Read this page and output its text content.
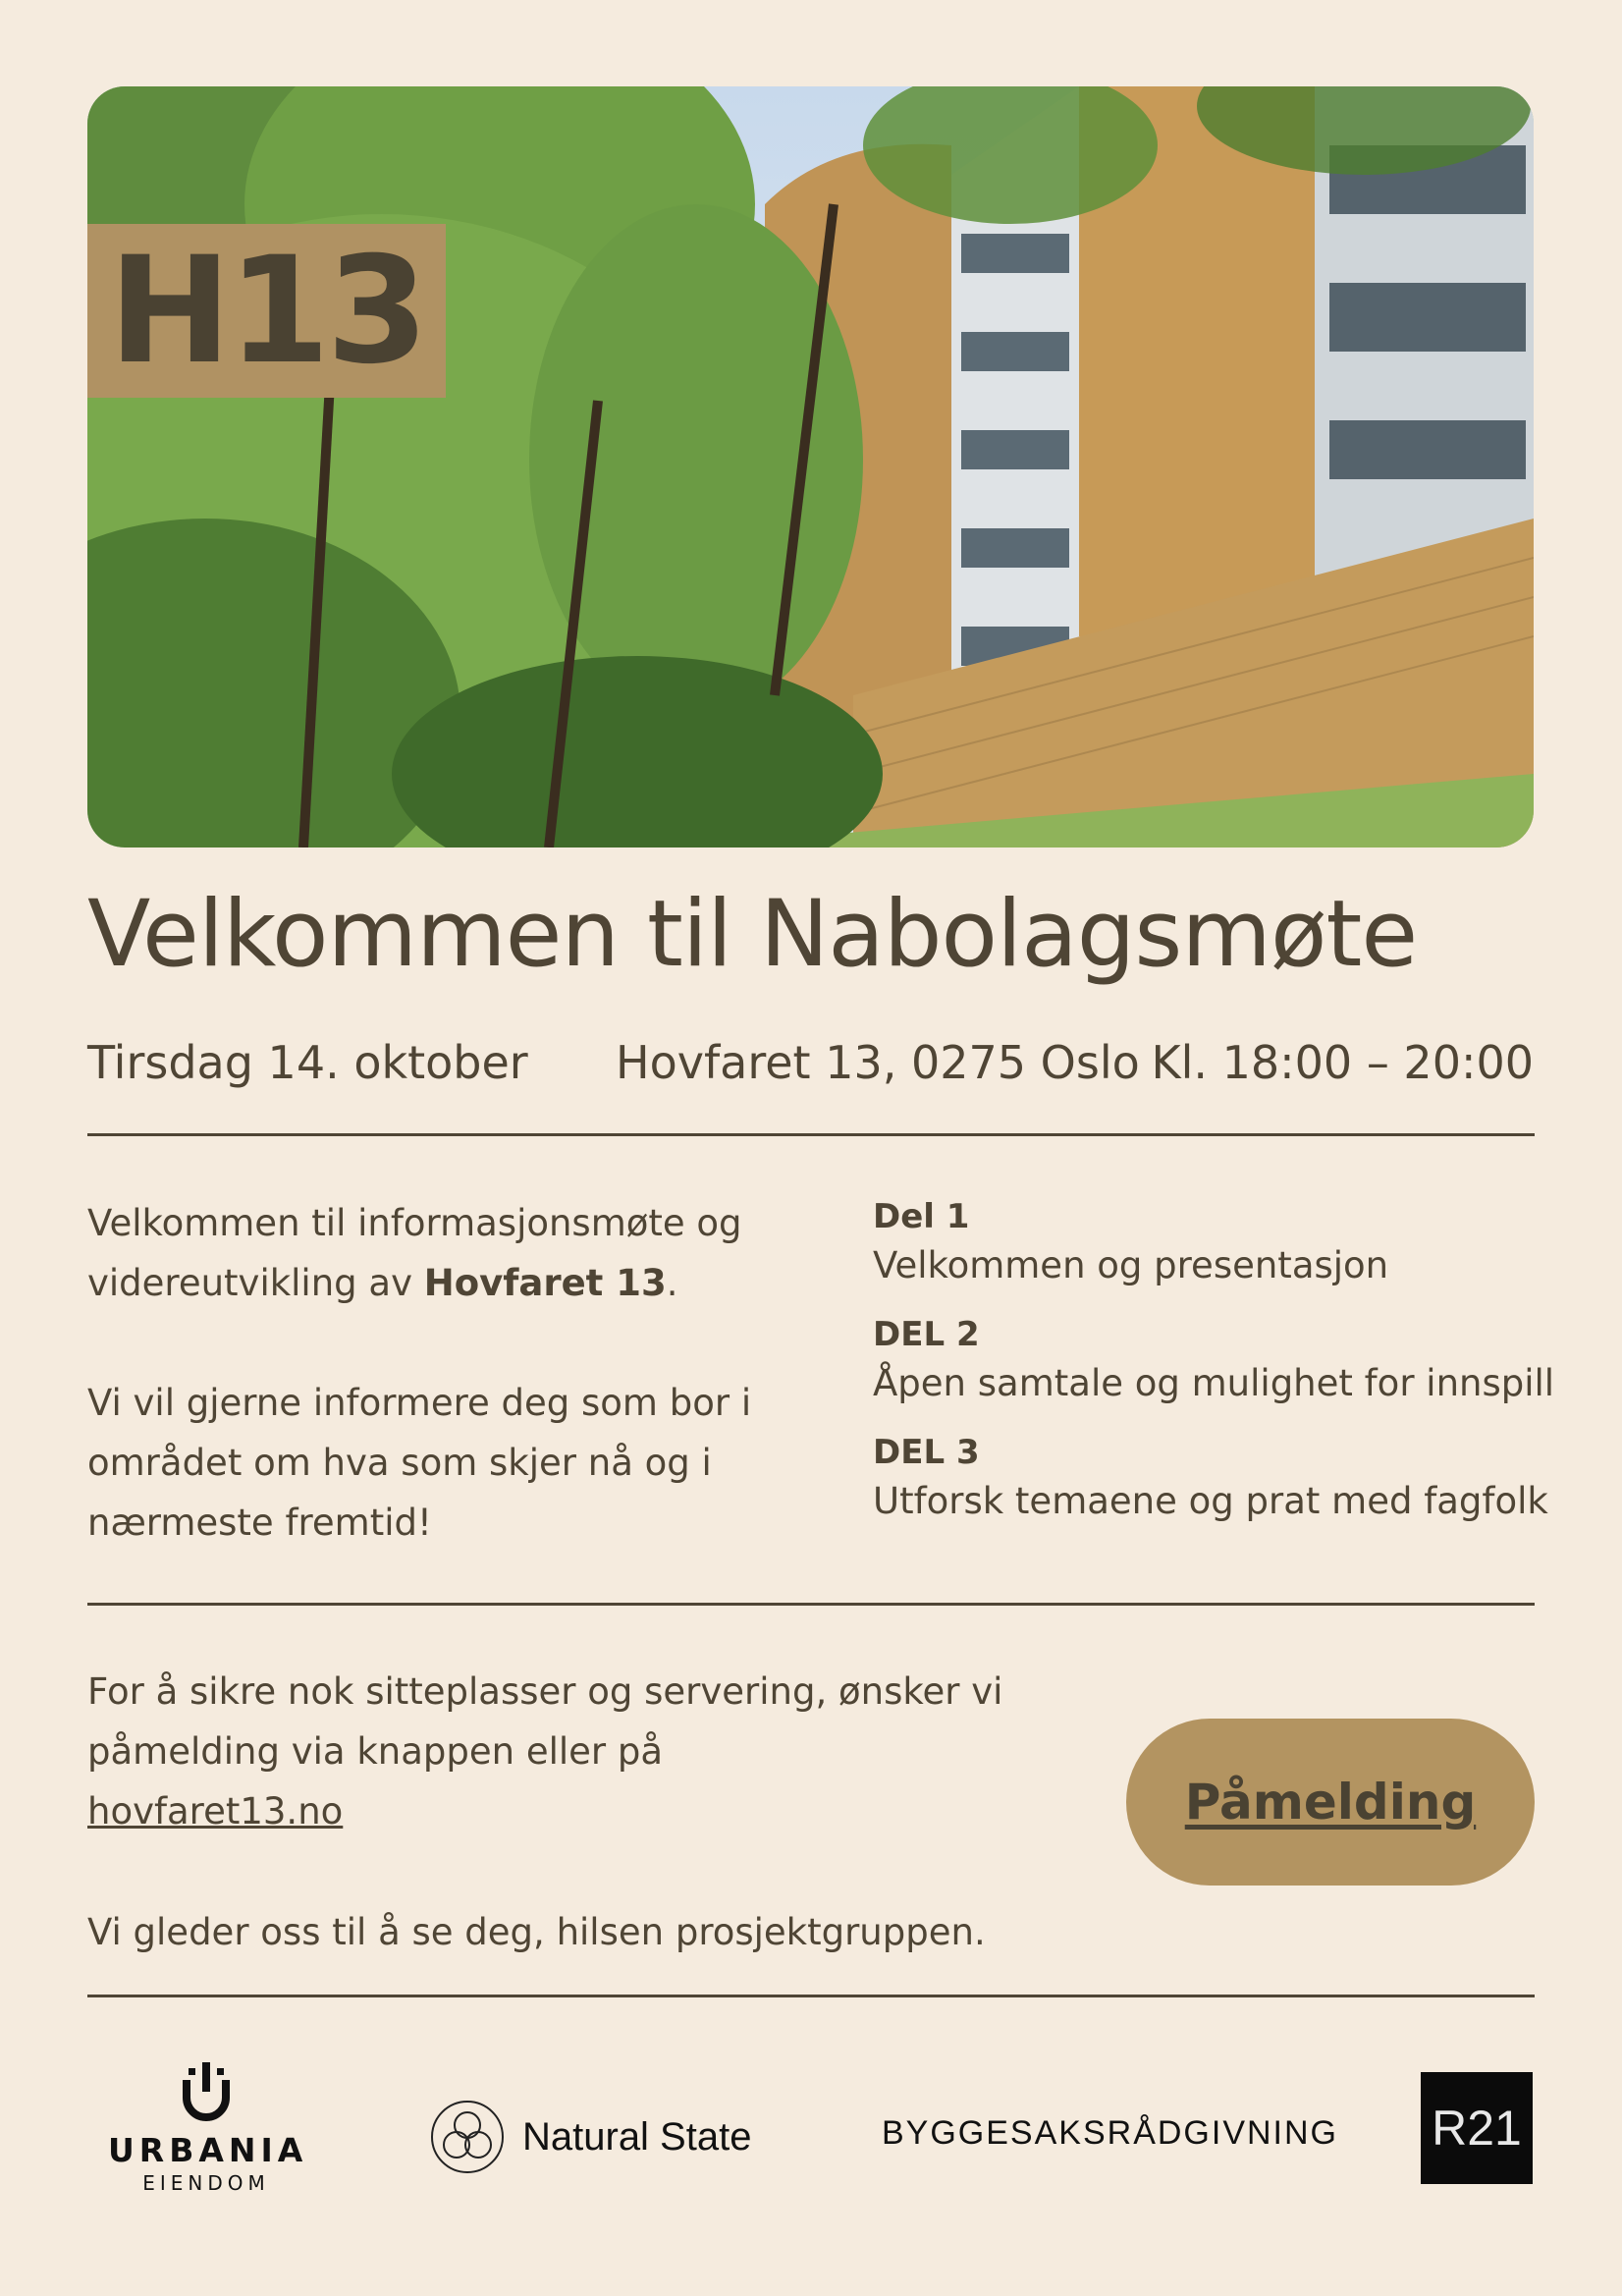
H13
Velkommen til Nabolagsmøte
Tirsdag 14. oktober Hovfaret 13, 0275 Oslo Kl. 18:00 – 20:00

Velkommen til informasjonsmøte og videreutvikling av Hovfaret 13.

Vi vil gjerne informere deg som bor i området om hva som skjer nå og i nærmeste fremtid!

Del 1
Velkommen og presentasjon
DEL 2
Åpen samtale og mulighet for innspill
DEL 3
Utforsk temaene og prat med fagfolk
For å sikre nok sitteplasser og servering, ønsker vi påmelding via knappen eller på
hovfaret13.no	Påmelding
Vi gleder oss til å se deg, hilsen prosjektgruppen.
URBANIA
EIENDOM
Natural State	BYGGESAKSRÅDGIVNING R21
